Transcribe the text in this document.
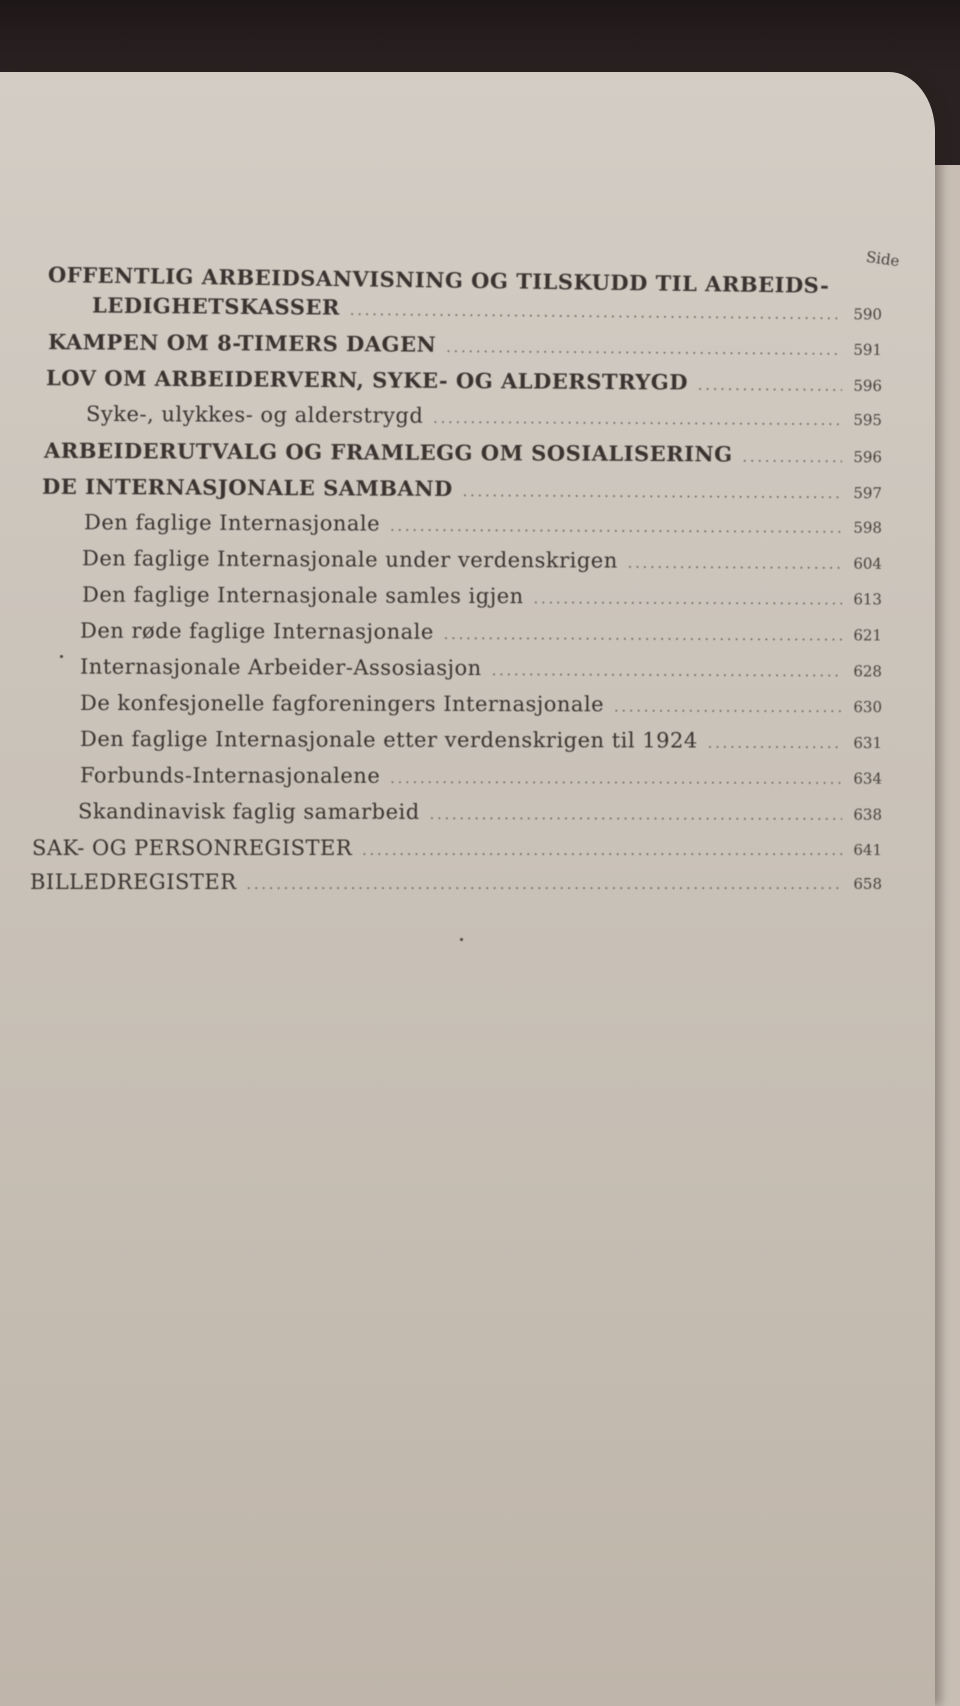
Side
OFFENTLIG ARBEIDSANVISNING OG TILSKUDD TIL ARBEIDS-
LEDIGHETSKASSER .....	590
KAMPEN OM 8-TIMERS DAGEN .....	591
LOV OM ARBEIDERVERN, SYKE- OG ALDERSTRYGD .....	596
Syke-, ulykkes- og alderstrygd .....	595
ARBEIDERUTVALG OG FRAMLEGG OM SOSIALISERING .....	596
DE INTERNASJONALE SAMBAND .....	597
Den faglige Internasjonale .....	598
Den faglige Internasjonale under verdenskrigen .....	604
Den faglige Internasjonale samles igjen .....	613
Den røde faglige Internasjonale .....	621
Internasjonale Arbeider-Assosiasjon .....	628
De konfesjonelle fagforeningers Internasjonale .....	630
Den faglige Internasjonale etter verdenskrigen til 1924 .....	631
Forbunds-Internasjonalene .....	634
Skandinavisk faglig samarbeid .....	638
SAK- OG PERSONREGISTER .....	641
BILLEDREGISTER .....	658
